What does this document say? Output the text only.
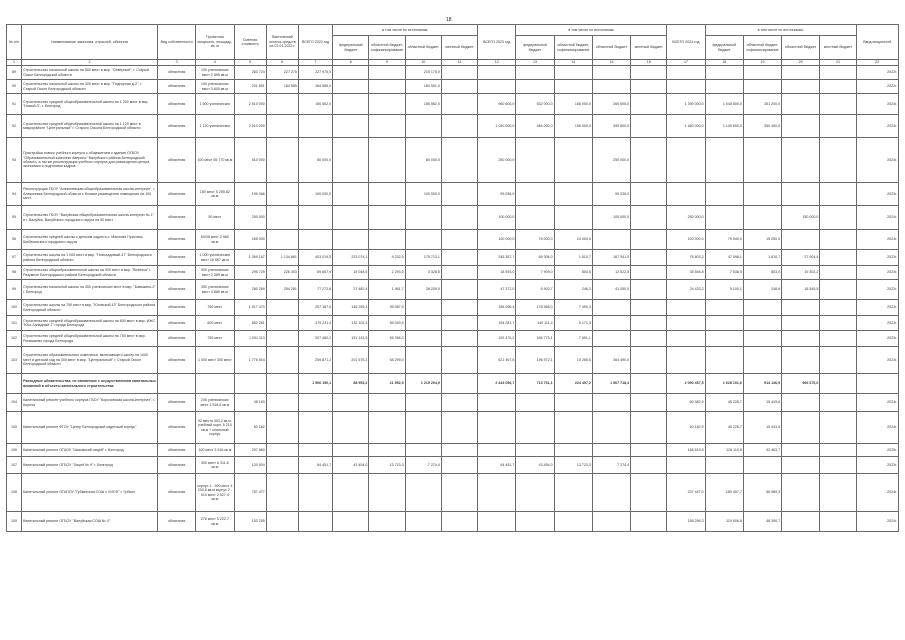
18
№ п/п	Наименование заказчика, отраслей, объектов	Вид собственности	Проектная мощность, площадь, кв. м	Сметная стоимость	Фактический остаток средств на 01.01.2022 г.	ВСЕГО 2022 год	в том числе по источникам:				ВСЕГО 2023 год	в том числе по источникам:				ВСЕГО 2024 год	в том числе по источникам:				Ввод мощностей
							федеральный бюджет	областной бюджет, софинансирование	областной бюджет	местный бюджет		федеральный бюджет	областной бюджет, софинансирование	областной бюджет	местный бюджет		федеральный бюджет	областной бюджет, софинансирование	областной бюджет	местный бюджет	
1	2	3	4	5	6	7	8	9	10	11	12	13	14	15	16	17	18	19	20	21	22
89	Строительство начальной школы на 500 мест в мкр. "Северный", г. Старый Оскол Белгородской области	областная	100 ученических мест 2 895 кв.м	263 724	227 275	227 975,0			215 175,0												2022г.
90	Строительство начальной школы на 300 мест в мкр. "Подгорная д-2", г. Старый Оскол Белгородской области	областная	100 ученических мест 3 600 кв.м	201 551	184 585	184 585,0			184 501,0												2022г.
91	Строительство средней общеобразовательной школы на 1 200 мест в мкр "Новый-3", г. Белгород	областная	1 500 ученических	2 510 000		156 562,0			156 562,0		960 605,0	532 000,0	168 000,0	260 605,0		1 390 000,0	1 048 800,0	351 200,0			2024г.
92	Строительство средней общеобразовательной школы на 1 120 мест в микрорайоне "Центральный" г. Старого Оскола Белгородской области	областная	1 120 ученических	2 510 000							1 040 000,0	484 000,0	156 000,0	399 600,0		1 460 000,0	1 109 600,0	350 400,0			2024г.
93	Пристройка нового учебного корпуса с общежитием к зданию ОГБОУ "Образовательный комплекс Аверино" Валуйского района Белгородской области, а так же реконструкция учебного корпуса для размещения центра экономики и подготовки кадров	областная	100 мест 55 770 кв.м	510 000		80 000,0			80 000,0		250 000,0			250 000,0							2024г.
94	Реконструкция ГБОУ "Алексеевская общеобразовательная школа-интернат", г. Алексеевка Белгородской области с блоком размещения помещения на 100 мест	областная	150 мест 5 255,82 кв.м	199 066		100 000,0			100 000,0		99 036,0			99 036,0							2023г.
95	Строительство ГБОУ "Валуйская общеобразовательная школа-интернат № 1" в г. Валуйки, Валуйского городского округа на 50 мест	областная	50 мест	250 000							100 000,0			100 000,0		250 000,0			150 000,0		2024г.
96	Строительство средней школы с детским садом в с. Маслова Пристань Шебекинского городского округа	областная	60/36 мест 2 960 кв.м	265 000							100 000,0	76 000,0	24 000,0			100 000,0	79 040,0	15 250,0			2024г.
97	Строительство школы на 1 000 мест в мкр. "Новосадовый-47" Белгородского района Белгородской области	областная	1 000 ученических мест 18 567 кв.м	1 369 167	1 134 861	403 019,5	223 074,1	9 232,5	175 713,1		245 357,7	69 306,0	1 510,7	167 541,0		76 803,2	47 098,1	1 810,7	27 904,4		2023г.
98	Строительство общеобразовательной школы на 300 мест в мкр. "Везёлка" г. Разумное Белгородского района Белгородской области	областная	300 ученических мест 2 389 кв.м	295 729	226 303	69 667,4	15 048,5	2 293,5	3 328,5		18 593,0	7 909,0	804,5	12 022,5		35 546,8	7 538,5	853,0	19 302,2		2023г.
99	Строительство начальной школы на 350 ученических мест в мкр. "Бавыкино-2" г. Белгород	областная	350 ученических мест 3 889 кв.м	280 269	254 261	77 272,8	37 482,4	1 981,7	38 209,0		47 372,0	5 902,7	246,3	41 050,0		24 433,2	5 100,1	246,6	18 545,5		2022г.
100	Строительство школы на 750 мест в мкр. "Юговской-13" Белгородского района Белгородской области	областная	750 мест	1 017 470		207 187,0	146 259,3	95 087,5			186 096,4	178 566,0	7 490,3								2023г.
101	Строительство средней общеобразовательной школы на 600 мест в мкр. ИЖС "Юго-Западный 1" города Белгорода	областная	600 мест	852 261		179 231,4	132 102,3	55 049,5			154 281,7	149 111,4	5 171,3								2023г.
102	Строительство средней общеобразовательной школы на 750 мест в мкр. Ромашково города Белгорода	областная	750 мест	1 091 113		207 482,2	151 143,9	56 398,3			192 470,2	184 779,1	7 691,1								2023г.
103	Строительство образовательного комплекса, включающего школу на 1000 мест и детский сад на 300 мест в мкр. "Центральный" г. Старый Оскол Белгородской области	областная	1 000 мест 300 мест	1 776 504		259 871,2	201 575,2	58 299,0			621 467,6	196 972,1	10 265,5	364 490,0							2023г.
	Расходные обязательства, не связанные с осуществлением капитальных вложений в объекты капитального строительства					1 906 150,1	88 953,2	21 592,9	1 219 204,9		2 443 056,7	713 761,1	224 457,2	1 567 718,4		2 090 457,5	1 628 101,6	914 146,9	966 676,0		
104	Капитальный ремонт учебного корпуса ГБОУ "Корочанская школа-интернат", г. Короча	областная	246 ученических мест 1 518,5 кв.м	48 183												60 382,9	45 228,7	15 443,6			2024г.
105	Капитальный ремонт ФГОУ "Центр Белгородский кадетский корпус"	областная	92 места 403,2 кв.м, учебный корп. 6 210 кв.м + спальный корпус	60 182												60 182,9	45 228,7	15 443,6			2024г.
106	Капитальный ремонт ОГАОУ "Шаховский лицей" г. Белгород	областная	100 мест 3 516 кв.м	297 860												168 619,5	126 110,8	42 463,7			2025г.
107	Капитальный ремонт ОГБОУ "Лицей № 9" г. Белгород	областная	300 мест 6 311,8 кв.м	120 904		64 451,7	43 454,0	13 723,3	7 274,4		64 451,7	43 454,0	13 723,3	7 274,4							2023г.
108	Капитальный ремонт ОГАПОУ "Губкинская СОШ с УИОП" г. Губкин	областная	корпус 1 - 900 мест 4 200,8 кв.м корпус 2 - 410 мест 2 527,4 кв.м	757 477												237 447,0	189 457,7	56 989,3			2024г.
109	Капитальный ремонт ОГБОУ "Валуйская СОШ № 4"	областная	276 мест 5 222,7 кв.м	153 255												158 296,3	119 906,8	48 390,7			2024г.
